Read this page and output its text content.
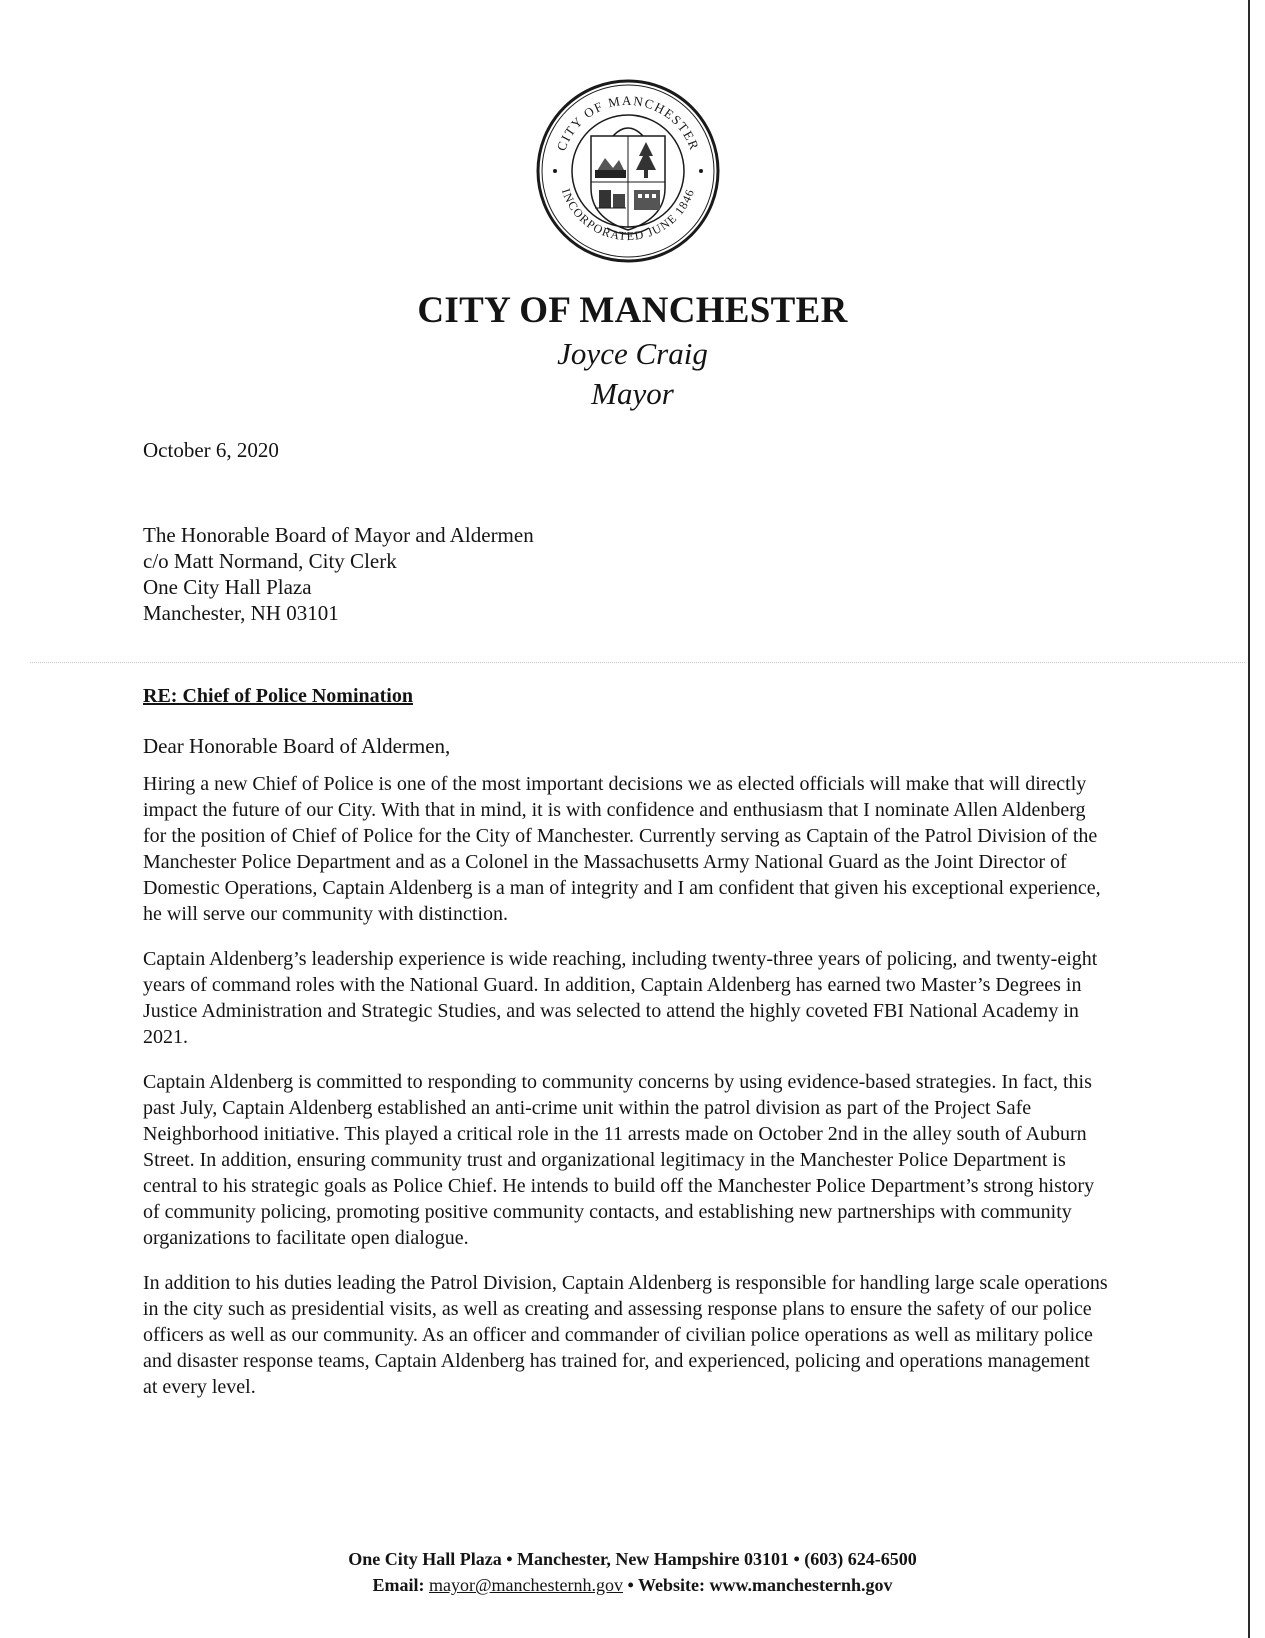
CITY OF MANCHESTER
INCORPORATED JUNE 1846
CITY OF MANCHESTER
Joyce Craig
Mayor
October 6, 2020
The Honorable Board of Mayor and Aldermen
c/o Matt Normand, City Clerk
One City Hall Plaza
Manchester, NH 03101
RE: Chief of Police Nomination
Dear Honorable Board of Aldermen,

Hiring a new Chief of Police is one of the most important decisions we as elected officials will make that will directly impact the future of our City. With that in mind, it is with confidence and enthusiasm that I nominate Allen Aldenberg for the position of Chief of Police for the City of Manchester. Currently serving as Captain of the Patrol Division of the Manchester Police Department and as a Colonel in the Massachusetts Army National Guard as the Joint Director of Domestic Operations, Captain Aldenberg is a man of integrity and I am confident that given his exceptional experience, he will serve our community with distinction.

Captain Aldenberg’s leadership experience is wide reaching, including twenty-three years of policing, and twenty-eight years of command roles with the National Guard. In addition, Captain Aldenberg has earned two Master’s Degrees in Justice Administration and Strategic Studies, and was selected to attend the highly coveted FBI National Academy in 2021.

Captain Aldenberg is committed to responding to community concerns by using evidence-based strategies. In fact, this past July, Captain Aldenberg established an anti-crime unit within the patrol division as part of the Project Safe Neighborhood initiative. This played a critical role in the 11 arrests made on October 2nd in the alley south of Auburn Street. In addition, ensuring community trust and organizational legitimacy in the Manchester Police Department is central to his strategic goals as Police Chief. He intends to build off the Manchester Police Department’s strong history of community policing, promoting positive community contacts, and establishing new partnerships with community organizations to facilitate open dialogue.

In addition to his duties leading the Patrol Division, Captain Aldenberg is responsible for handling large scale operations in the city such as presidential visits, as well as creating and assessing response plans to ensure the safety of our police officers as well as our community. As an officer and commander of civilian police operations as well as military police and disaster response teams, Captain Aldenberg has trained for, and experienced, policing and operations management at every level.

One City Hall Plaza • Manchester, New Hampshire 03101 • (603) 624-6500
Email: mayor@manchesternh.gov • Website: www.manchesternh.gov
